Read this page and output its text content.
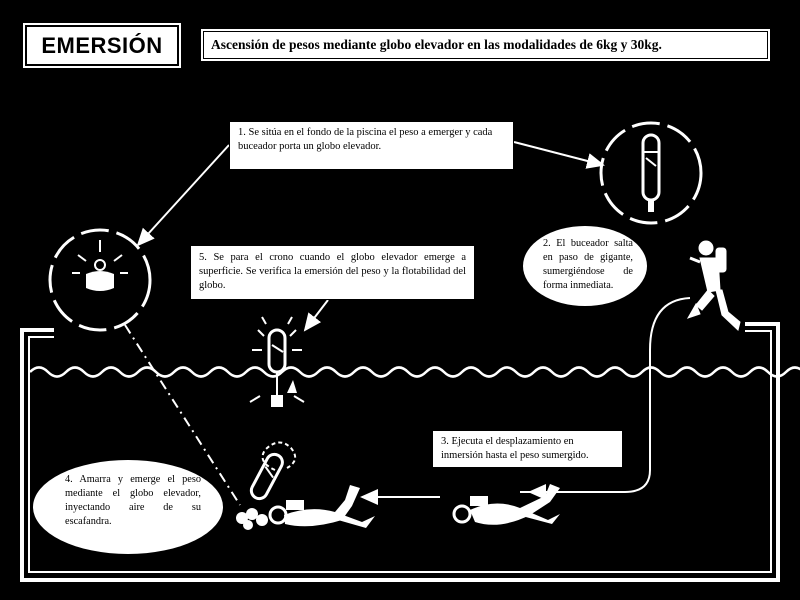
EMERSIÓN	Ascensión de pesos mediante globo elevador en las modalidades de 6kg y 30kg.
1. Se sitúa en el fondo de la piscina el peso a emerger y cada buceador porta un globo elevador.
5. Se para el crono cuando el globo elevador emerge a superficie. Se verifica la emersión del peso y la flotabilidad del globo.
3. Ejecuta el desplazamiento en inmersión hasta el peso sumergido.
2. El buceador salta en paso de gigante, sumergiéndose de forma inmediata.
4. Amarra y emerge el peso mediante el globo elevador, inyectando aire de su escafandra.
